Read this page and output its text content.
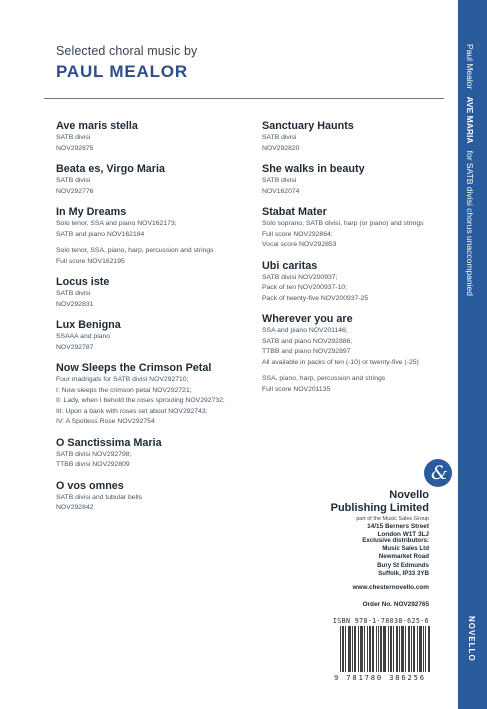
Selected choral music by
PAUL MEALOR
Ave maris stella
SATB divisi
NOV292875
Beata es, Virgo Maria
SATB divisi
NOV292776
In My Dreams
Solo tenor, SSA and piano NOV162173;
SATB and piano NOV162184
Solo tenor, SSA, piano, harp, percussion and strings
Full score NOV162195
Locus iste
SATB divisi
NOV292831
Lux Benigna
SSAAA and piano
NOV292787
Now Sleeps the Crimson Petal
Four madrigals for SATB divisi NOV292710;
I: Now sleeps the crimson petal NOV292721;
II: Lady, when I behold the roses sprouting NOV292732;
III: Upon a bank with roses set about NOV292743;
IV: A Spotless Rose NOV292754
O Sanctissima Maria
SATB divisi NOV292798;
TTBB divisi NOV292809
O vos omnes
SATB divisi and tubular bells
NOV292842
Sanctuary Haunts
SATB divisi
NOV292820
She walks in beauty
SATB divisi
NOV162074
Stabat Mater
Solo soprano, SATB divisi, harp (or piano) and strings
Full score NOV292864;
Vocal score NOV292853
Ubi caritas
SATB divisi NOV200937;
Pack of ten NOV200937-10;
Pack of twenty-five NOV200937-25
Wherever you are
SSA and piano NOV201146;
SATB and piano NOV292886;
TTBB and piano NOV292897
All available in packs of ten (-10) or twenty-five (-25)
SSA, piano, harp, percussion and strings
Full score NOV201135
Paul Mealor   AVE MARIA   for SATB divisi chorus unaccompanied
NOVELLO
&
Novello
Publishing Limited
part of the Music Sales Group
14/15 Berners Street
London W1T 3LJ
Exclusive distributors:
Music Sales Ltd
Newmarket Road
Bury St Edmunds
Suffolk, IP33 3YB
www.chesternovello.com
Order No. NOV292765
ISBN 978-1-78038-625-6
9 781780 386256
